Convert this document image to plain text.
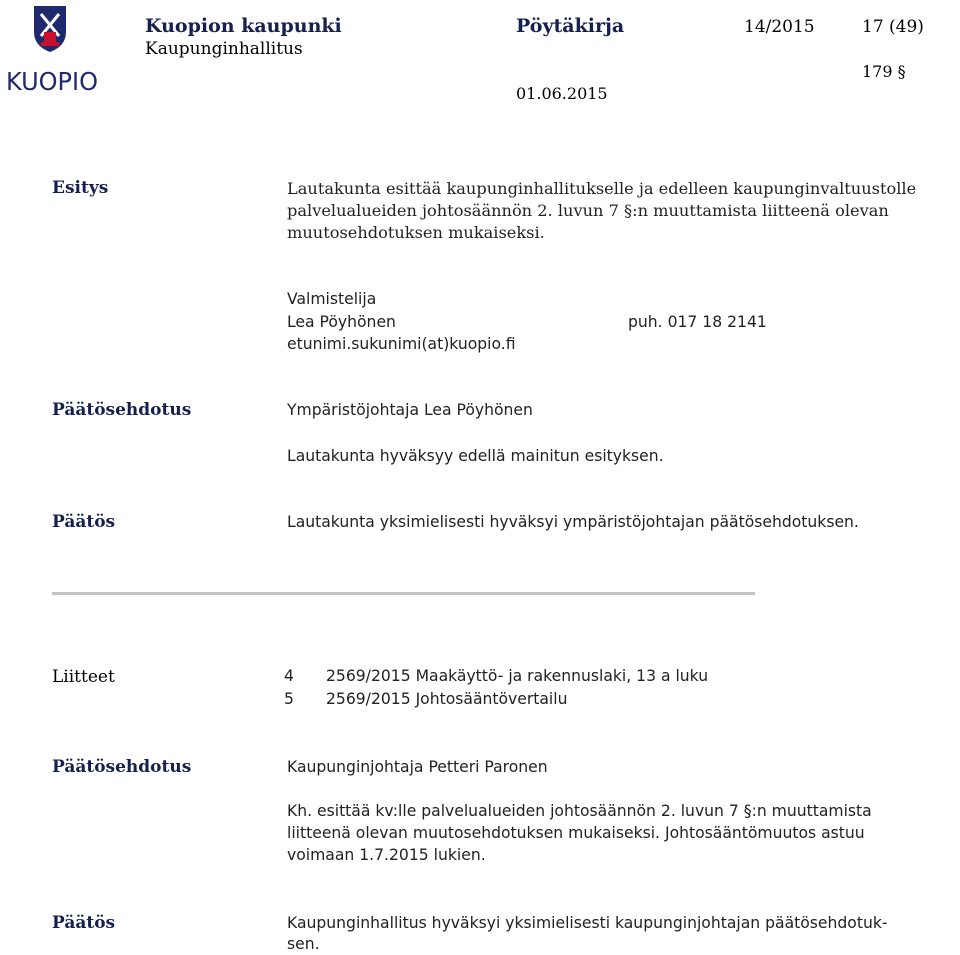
KUOPIO
Kuopion kaupunki
Kaupunginhallitus
Pöytäkirja	14/2015	17 (49)
179 §
01.06.2015
Esitys	Lautakunta esittää kaupunginhallitukselle ja edelleen kaupunginvaltuustolle
palvelualueiden johtosäännön 2. luvun 7 §:n muuttamista liitteenä olevan
muutosehdotuksen mukaiseksi.
Valmistelija
Lea Pöyhönen	puh. 017 18 2141
etunimi.sukunimi(at)kuopio.fi
Päätösehdotus	Ympäristöjohtaja Lea Pöyhönen
Lautakunta hyväksyy edellä mainitun esityksen.
Päätös	Lautakunta yksimielisesti hyväksyi ympäristöjohtajan päätösehdotuksen.
Liitteet	4 2569/2015 Maakäyttö- ja rakennuslaki, 13 a luku
5 2569/2015 Johtosääntövertailu
Päätösehdotus	Kaupunginjohtaja Petteri Paronen
Kh. esittää kv:lle palvelualueiden johtosäännön 2. luvun 7 §:n muuttamista
liitteenä olevan muutosehdotuksen mukaiseksi. Johtosääntömuutos astuu
voimaan 1.7.2015 lukien.
Päätös	Kaupunginhallitus hyväksyi yksimielisesti kaupunginjohtajan päätösehdotuk-
sen.
